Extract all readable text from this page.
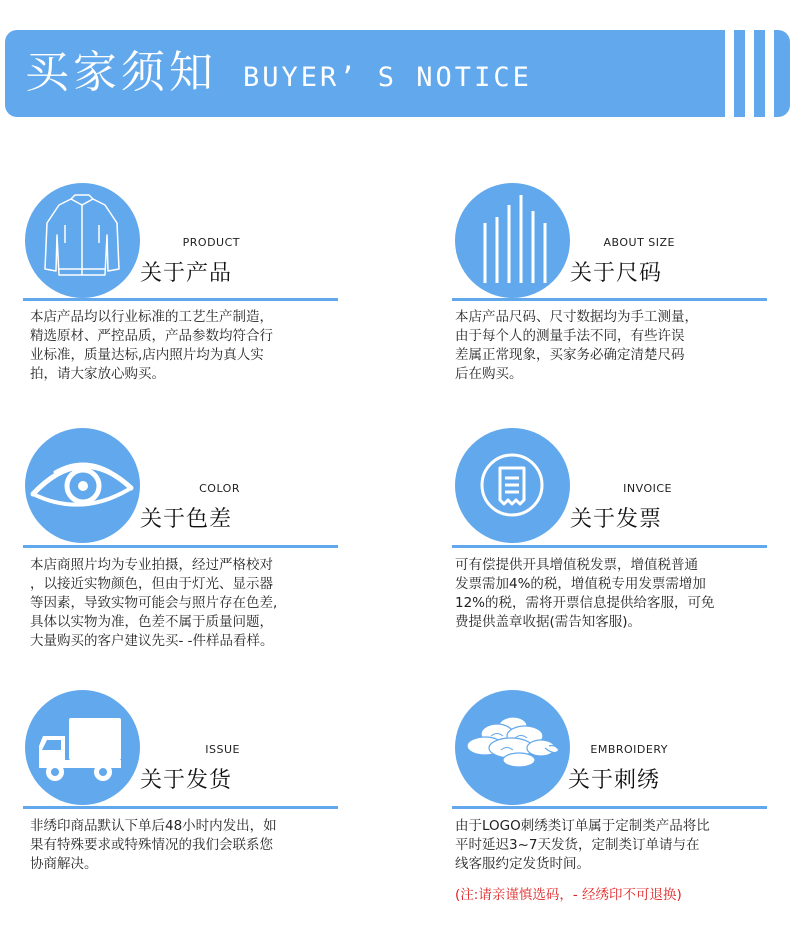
买家须知 BUYER’ S NOTICE
PRODUCT
关于产品
本店产品均以行业标准的工艺生产制造，
精选原材、严控品质，产品参数均符合行
业标准，质量达标,店内照片均为真人实
拍，请大家放心购买。
ABOUT SIZE
关于尺码
本店产品尺码、尺寸数据均为手工测量，
由于每个人的测量手法不同，有些许误
差属正常现象，买家务必确定清楚尺码
后在购买。
COLOR
关于色差
本店商照片均为专业拍摄，经过严格校对
，以接近实物颜色，但由于灯光、显示器
等因素，导致实物可能会与照片存在色差,
具体以实物为准，色差不属于质量问题，
大量购买的客户建议先买- -件样品看样。
INVOICE
关于发票
可有偿提供开具增值税发票，增值税普通
发票需加4%的税，增值税专用发票需增加
12%的税，需将开票信息提供给客服，可免
费提供盖章收据(需告知客服)。
ISSUE
关于发货
非绣印商品默认下单后48小时内发出，如
果有特殊要求或特殊情况的我们会联系您
协商解决。
EMBROIDERY
关于刺绣
由于LOGO刺绣类订单属于定制类产品将比
平时延迟3~7天发货，定制类订单请与在
线客服约定发货时间。
(注:请亲谨慎选码，- 经绣印不可退换)
